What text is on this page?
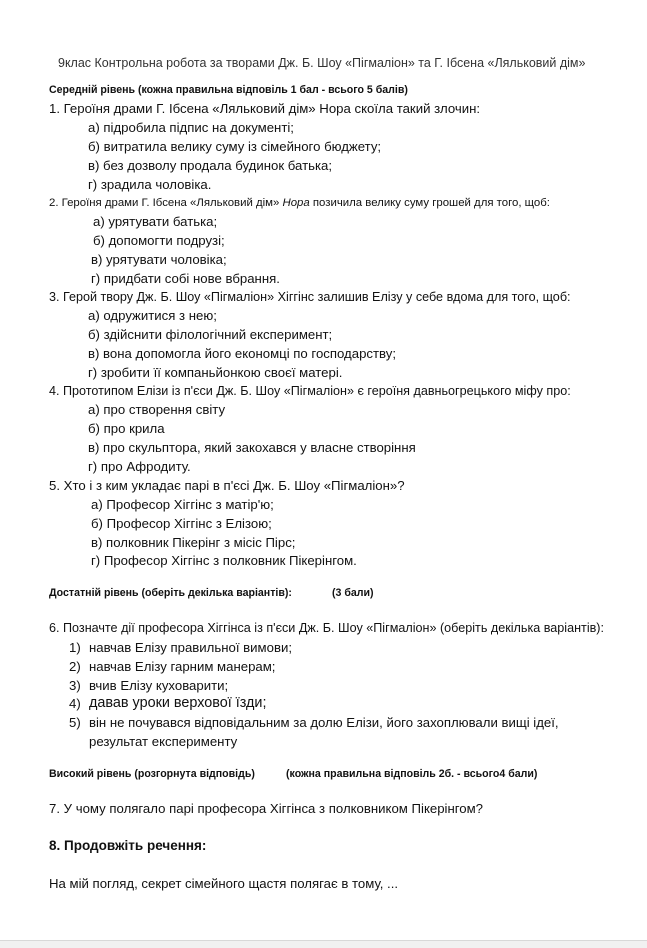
9клас Контрольна робота за творами Дж. Б. Шоу «Пігмаліон» та Г. Ібсена «Ляльковий дім»
Середній рівень (кожна правильна відповіль 1 бал - всього 5 балів)
1. Героїня драми Г. Ібсена «Ляльковий дім» Нора скоїла такий злочин:
а) підробила підпис на документі;
б) витратила велику суму із сімейного бюджету;
в) без дозволу продала будинок батька;
г) зрадила чоловіка.
2. Героїня драми Г. Ібсена «Ляльковий дім» Нора позичила велику суму грошей для того, щоб:
а) урятувати батька;
б) допомогти подрузі;
в) урятувати чоловіка;
г) придбати собі нове вбрання.
3. Герой твору Дж. Б. Шоу «Пігмаліон» Хіггінс залишив Елізу у себе вдома для того, щоб:
а) одружитися з нею;
б) здійснити філологічний експеримент;
в) вона допомогла його економці по господарству;
г) зробити її компаньйонкою своєї матері.
4. Прототипом Елізи із п'єси Дж. Б. Шоу «Пігмаліон» є героїня давньогрецького міфу про:
а) про створення світу
б) про крила
в) про скульптора, який закохався у власне створіння
г) про Афродиту.
5. Хто і з ким укладає парі в п'єсі Дж. Б. Шоу «Пігмаліон»?
а) Професор Хіггінс з матір'ю;
б) Професор Хіггінс з Елізою;
в) полковник Пікерінг з місіс Пірс;
г) Професор Хіггінс з полковник Пікерінгом.
Достатній рівень (оберіть декілька варіантів):	(3 бали)
6. Позначте дії професора Хіггінса із п'єси Дж. Б. Шоу «Пігмаліон» (оберіть декілька варіантів):
1) навчав Елізу правильної вимови;
2) навчав Елізу гарним манерам;
3) вчив Елізу куховарити;
4) давав уроки верхової їзди;
5) він не почувався відповідальним за долю Елізи, його захоплювали вищі ідеї,
результат експерименту
Високий рівень (розгорнута відповідь)	(кожна правильна відповіль 2б. - всього4 бали)
7. У чому полягало парі професора Хіггінса з полковником Пікерінгом?
8. Продовжіть речення:
На мій погляд, секрет сімейного щастя полягає в тому, ...
